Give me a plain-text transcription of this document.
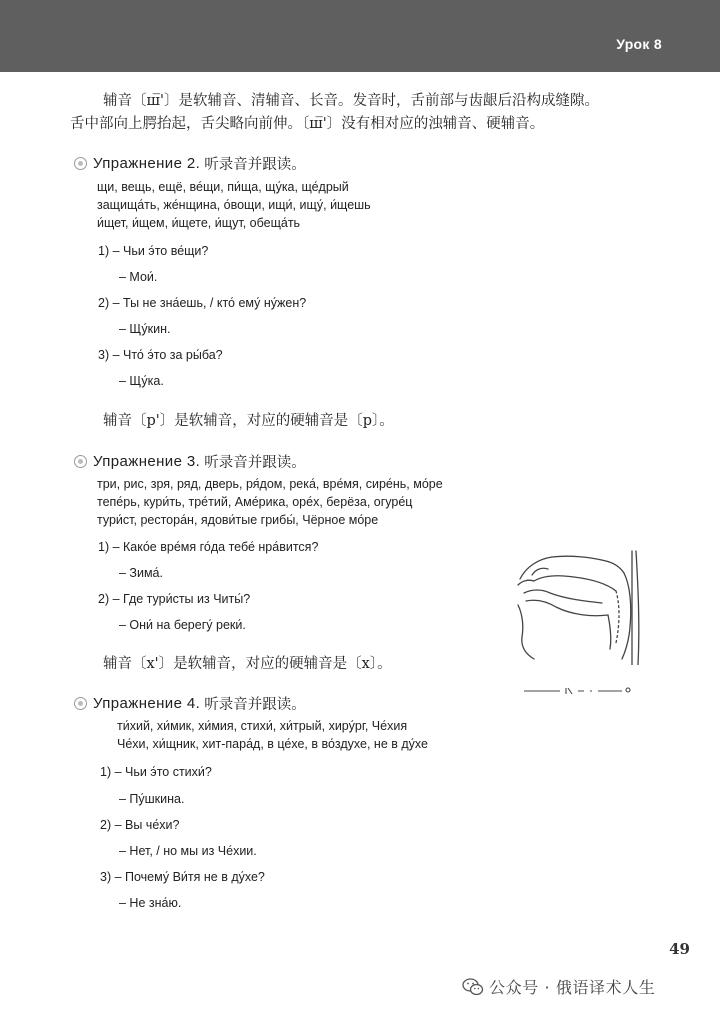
Урок 8
辅音〔ш̅'〕是软辅音、清辅音、长音。发音时，舌前部与齿龈后沿构成缝隙。
舌中部向上腭抬起，舌尖略向前伸。〔ш̅'〕没有相对应的浊辅音、硬辅音。
Упражнение 2. 听录音并跟读。
щи, вещь, ещё, ве́щи, пи́ща, щу́ка, ще́дрый
защища́ть, же́нщина, о́вощи, ищи́, ищу́, и́щешь
и́щет, и́щем, и́щете, и́щут, обеща́ть
1) – Чьи э́то ве́щи?
– Мои́.
2) – Ты не зна́ешь, / кто́ ему́ ну́жен?
– Щу́кин.
3) – Что́ э́то за ры́ба?
– Щу́ка.
辅音〔р'〕是软辅音，对应的硬辅音是〔р〕。
Упражнение 3. 听录音并跟读。
три, рис, зря, ряд, дверь, ря́дом, река́, вре́мя, сире́нь, мо́ре
тепе́рь, кури́ть, тре́тий, Аме́рика, оре́х, берёза, огуре́ц
тури́ст, рестора́н, ядови́тые грибы́, Чёрное мо́ре
1) – Како́е вре́мя го́да тебе́ нра́вится?
– Зима́.
2) – Где тури́сты из Читы́?
– Они́ на берегу́ реки́.
辅音〔х'〕是软辅音，对应的硬辅音是〔х〕。
Упражнение 4. 听录音并跟读。
ти́хий, хи́мик, хи́мия, стихи́, хи́трый, хиру́рг, Че́хия
Че́хи, хи́щник, хит-пара́д, в це́хе, в во́здухе, не в ду́хе
1) – Чьи э́то стихи́?
– Пу́шкина.
2) – Вы че́хи?
– Нет, / но мы из Че́хии.
3) – Почему́ Ви́тя не в ду́хе?
– Не зна́ю.
49
公众号 · 俄语译术人生
